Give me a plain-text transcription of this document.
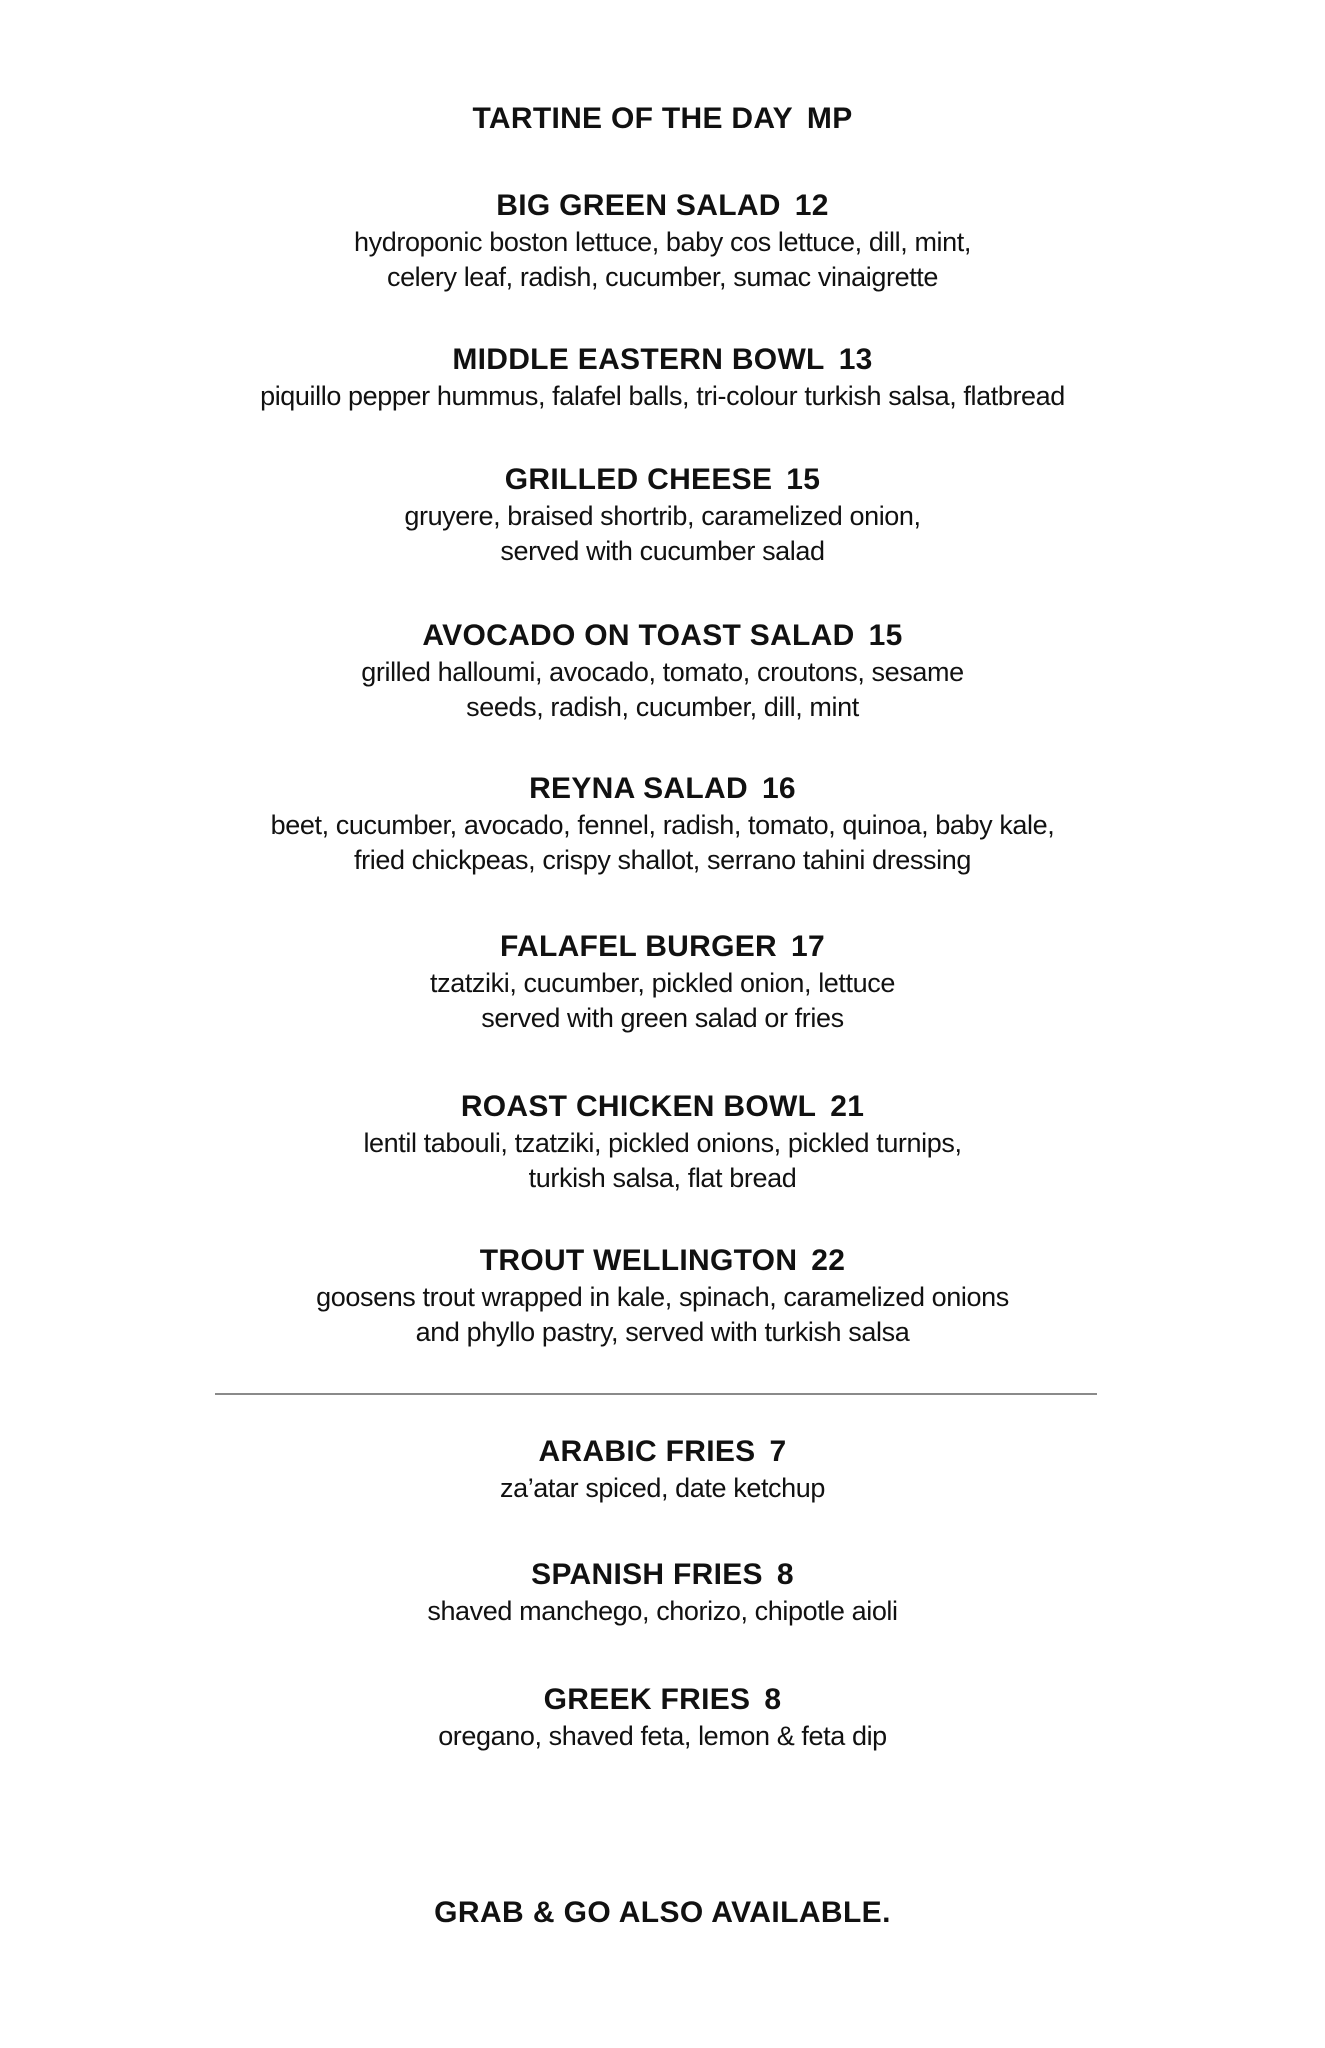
TARTINE OF THE DAY MP
BIG GREEN SALAD 12
hydroponic boston lettuce, baby cos lettuce, dill, mint,
celery leaf, radish, cucumber, sumac vinaigrette
MIDDLE EASTERN BOWL 13
piquillo pepper hummus, falafel balls, tri-colour turkish salsa, flatbread
GRILLED CHEESE 15
gruyere, braised shortrib, caramelized onion,
served with cucumber salad
AVOCADO ON TOAST SALAD 15
grilled halloumi, avocado, tomato, croutons, sesame
seeds, radish, cucumber, dill, mint
REYNA SALAD 16
beet, cucumber, avocado, fennel, radish, tomato, quinoa, baby kale,
fried chickpeas, crispy shallot, serrano tahini dressing
FALAFEL BURGER 17
tzatziki, cucumber, pickled onion, lettuce
served with green salad or fries
ROAST CHICKEN BOWL 21
lentil tabouli, tzatziki, pickled onions, pickled turnips,
turkish salsa, flat bread
TROUT WELLINGTON 22
goosens trout wrapped in kale, spinach, caramelized onions
and phyllo pastry, served with turkish salsa
ARABIC FRIES 7
za’atar spiced, date ketchup
SPANISH FRIES 8
shaved manchego, chorizo, chipotle aioli
GREEK FRIES 8
oregano, shaved feta, lemon & feta dip
GRAB & GO ALSO AVAILABLE.
